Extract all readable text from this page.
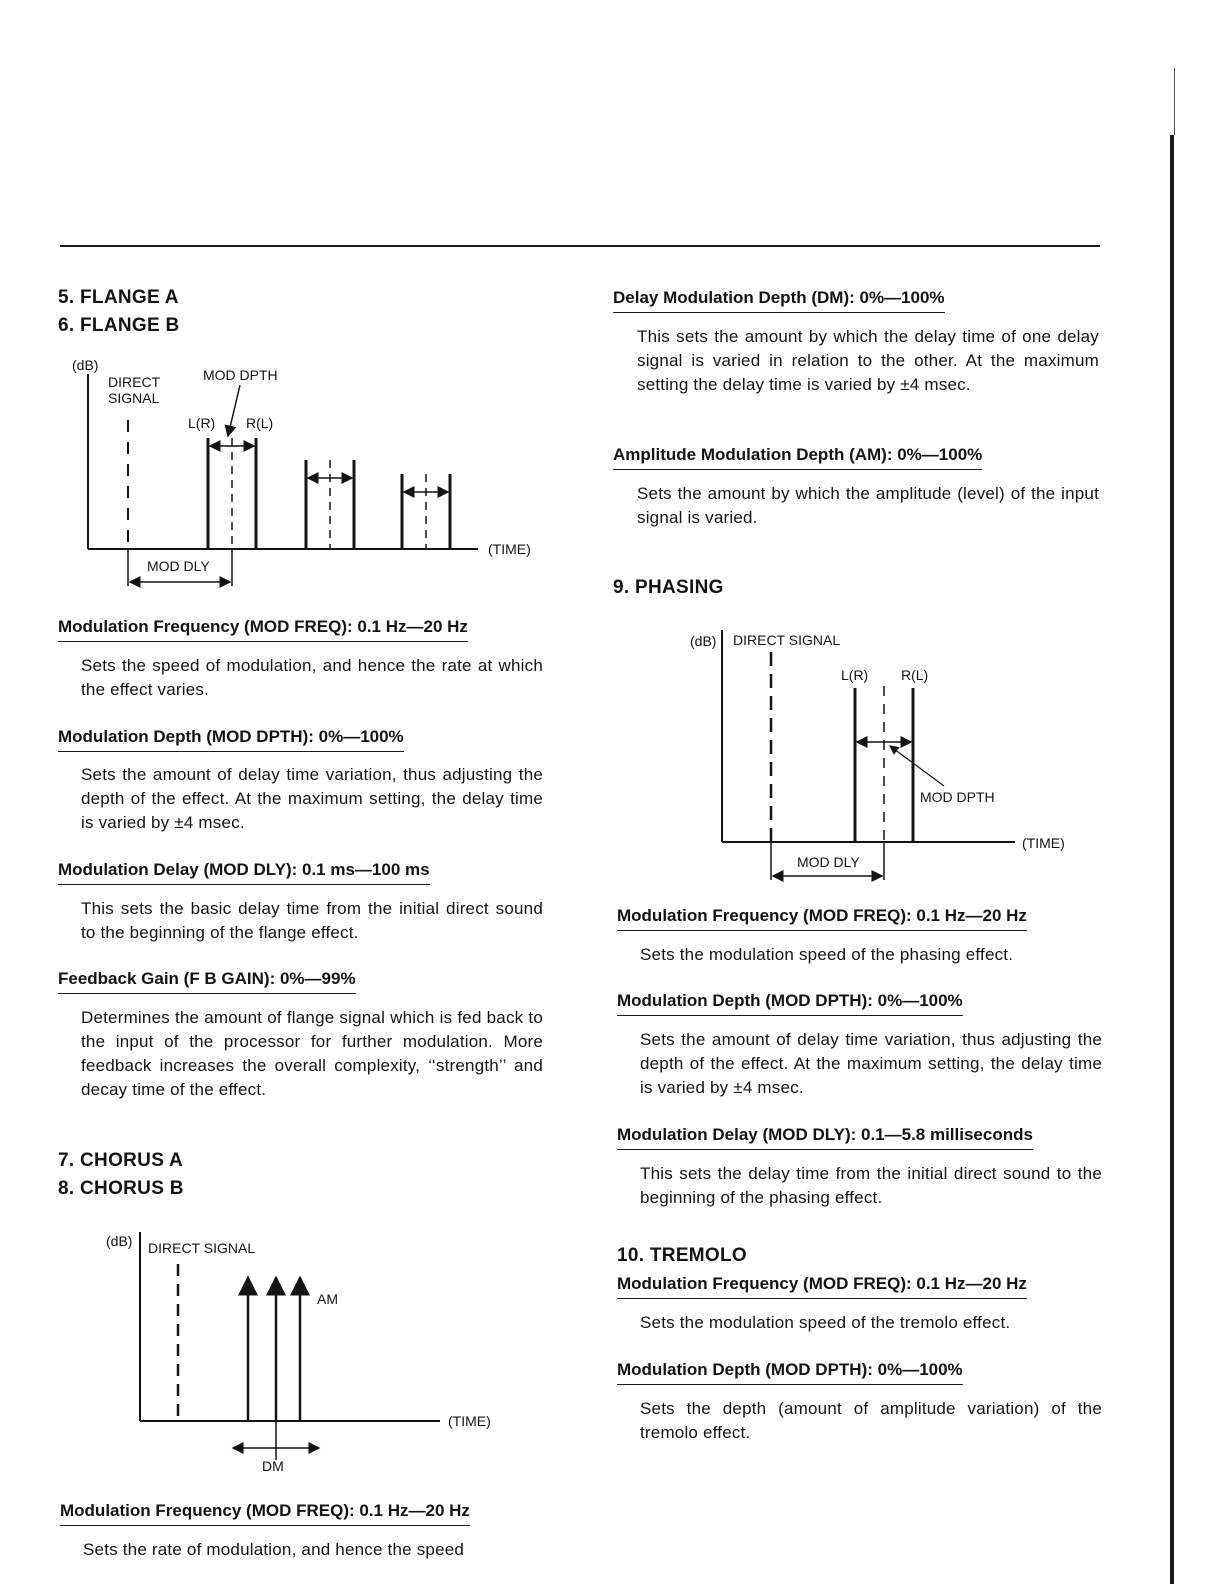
5. FLANGE A
6. FLANGE B
(dB)
(TIME)
DIRECT
SIGNAL
MOD DPTH
L(R) R(L)
MOD DLY
Modulation Frequency (MOD FREQ): 0.1 Hz—20 Hz
Sets the speed of modulation, and hence the rate at which the effect varies.
Modulation Depth (MOD DPTH): 0%—100%
Sets the amount of delay time variation, thus adjusting the depth of the effect. At the maximum setting, the delay time is varied by ±4 msec.
Modulation Delay (MOD DLY): 0.1 ms—100 ms
This sets the basic delay time from the initial direct sound to the beginning of the flange effect.
Feedback Gain (F B GAIN): 0%—99%
Determines the amount of flange signal which is fed back to the input of the processor for further modulation. More feedback increases the overall complexity, ‘‘strength’’ and decay time of the effect.
7. CHORUS A
8. CHORUS B
(dB)
(TIME)
DIRECT SIGNAL
AM
DM
Modulation Frequency (MOD FREQ): 0.1 Hz—20 Hz
Sets the rate of modulation, and hence the speed
Delay Modulation Depth (DM): 0%—100%
This sets the amount by which the delay time of one delay signal is varied in relation to the other. At the maximum setting the delay time is varied by ±4 msec.
Amplitude Modulation Depth (AM): 0%—100%
Sets the amount by which the amplitude (level) of the input signal is varied.
9. PHASING
(dB)
(TIME)
DIRECT SIGNAL
L(R) R(L)
MOD DPTH
MOD DLY
Modulation Frequency (MOD FREQ): 0.1 Hz—20 Hz
Sets the modulation speed of the phasing effect.
Modulation Depth (MOD DPTH): 0%—100%
Sets the amount of delay time variation, thus adjusting the depth of the effect. At the maximum setting, the delay time is varied by ±4 msec.
Modulation Delay (MOD DLY): 0.1—5.8 milliseconds
This sets the delay time from the initial direct sound to the beginning of the phasing effect.
10. TREMOLO
Modulation Frequency (MOD FREQ): 0.1 Hz—20 Hz
Sets the modulation speed of the tremolo effect.
Modulation Depth (MOD DPTH): 0%—100%
Sets the depth (amount of amplitude variation) of the tremolo effect.
